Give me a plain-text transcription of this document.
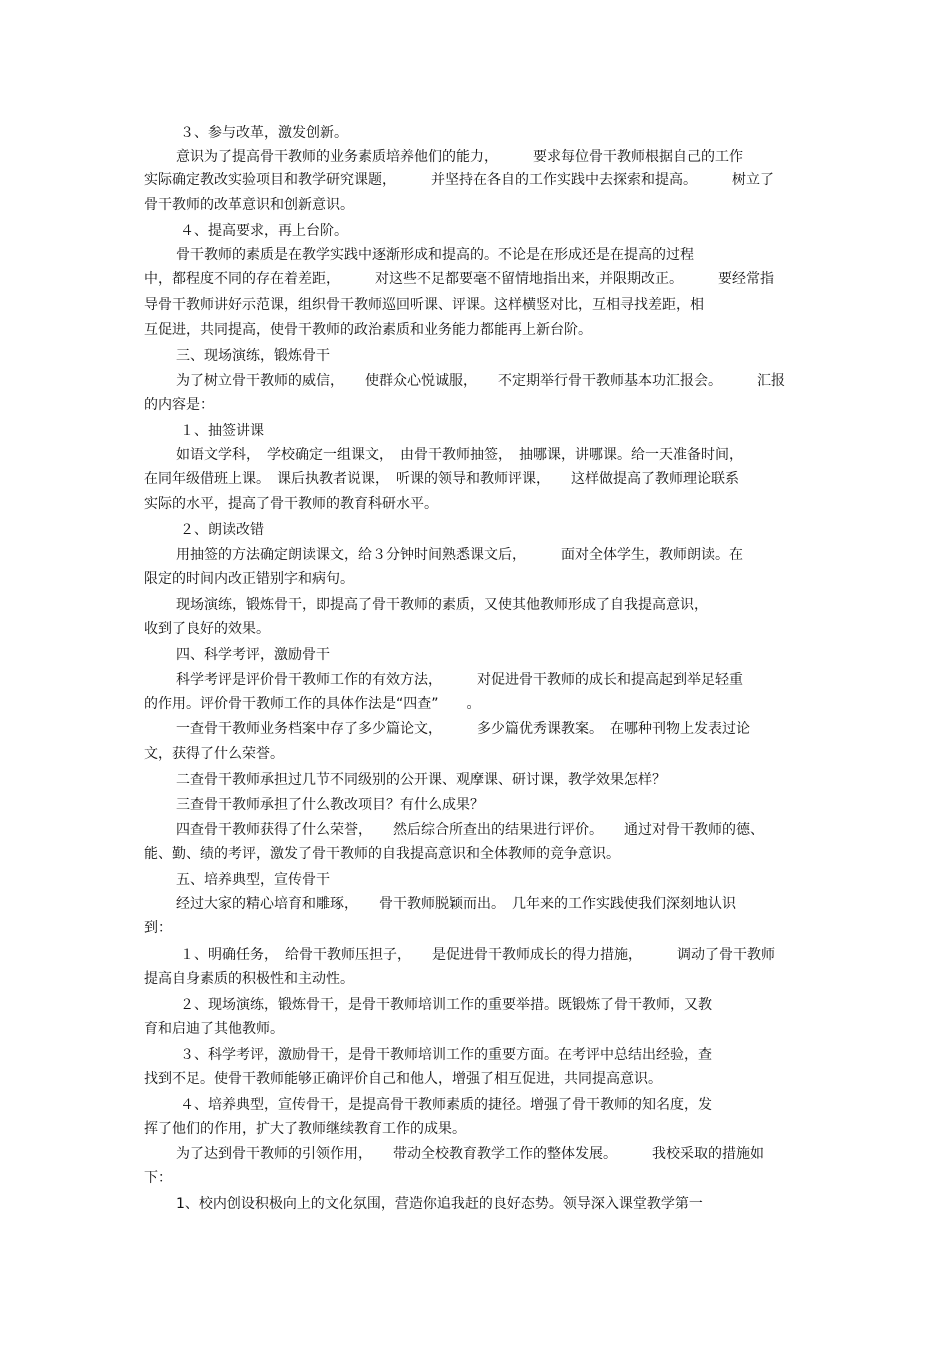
３、参与改革，激发创新。
意识为了提高骨干教师的业务素质培养他们的能力，　　　要求每位骨干教师根据自己的工作
实际确定教改实验项目和教学研究课题，　　　并坚持在各自的工作实践中去探索和提高。　　　树立了
骨干教师的改革意识和创新意识。
４、提高要求，再上台阶。
骨干教师的素质是在教学实践中逐渐形成和提高的。不论是在形成还是在提高的过程
中，都程度不同的存在着差距，　　　对这些不足都要毫不留情地指出来，并限期改正。　　　要经常指
导骨干教师讲好示范课，组织骨干教师巡回听课、评课。这样横竖对比，互相寻找差距，相
互促进，共同提高，使骨干教师的政治素质和业务能力都能再上新台阶。
三、现场演练，锻炼骨干
为了树立骨干教师的威信，　　使群众心悦诚服，　　不定期举行骨干教师基本功汇报会。　　　汇报
的内容是：
１、抽签讲课
如语文学科，　学校确定一组课文，　由骨干教师抽签，　抽哪课，讲哪课。给一天准备时间，
在同年级借班上课。　课后执教者说课，　听课的领导和教师评课，　　这样做提高了教师理论联系
实际的水平，提高了骨干教师的教育科研水平。
２、朗读改错
用抽签的方法确定朗读课文，给３分钟时间熟悉课文后，　　　面对全体学生，教师朗读。在
限定的时间内改正错别字和病句。
现场演练，锻炼骨干，即提高了骨干教师的素质，又使其他教师形成了自我提高意识，
收到了良好的效果。
四、科学考评，激励骨干
科学考评是评价骨干教师工作的有效方法，　　　对促进骨干教师的成长和提高起到举足轻重
的作用。评价骨干教师工作的具体作法是“四查”　　。
一查骨干教师业务档案中存了多少篇论文，　　　多少篇优秀课教案。　在哪种刊物上发表过论
文，获得了什么荣誉。
二查骨干教师承担过几节不同级别的公开课、观摩课、研讨课，教学效果怎样？
三查骨干教师承担了什么教改项目？有什么成果？
四查骨干教师获得了什么荣誉，　　然后综合所查出的结果进行评价。　　通过对骨干教师的德、
能、勤、绩的考评，激发了骨干教师的自我提高意识和全体教师的竞争意识。
五、培养典型，宣传骨干
经过大家的精心培育和雕琢，　　骨干教师脱颖而出。　几年来的工作实践使我们深刻地认识
到：
１、明确任务，　给骨干教师压担子，　　是促进骨干教师成长的得力措施，　　　调动了骨干教师
提高自身素质的积极性和主动性。
２、现场演练，锻炼骨干，是骨干教师培训工作的重要举措。既锻炼了骨干教师，又教
育和启迪了其他教师。
３、科学考评，激励骨干，是骨干教师培训工作的重要方面。在考评中总结出经验，查
找到不足。使骨干教师能够正确评价自己和他人，增强了相互促进，共同提高意识。
４、培养典型，宣传骨干，是提高骨干教师素质的捷径。增强了骨干教师的知名度，发
挥了他们的作用，扩大了教师继续教育工作的成果。
为了达到骨干教师的引领作用，　　带动全校教育教学工作的整体发展。　　　我校采取的措施如
下：
1、校内创设积极向上的文化氛围，营造你追我赶的良好态势。领导深入课堂教学第一
